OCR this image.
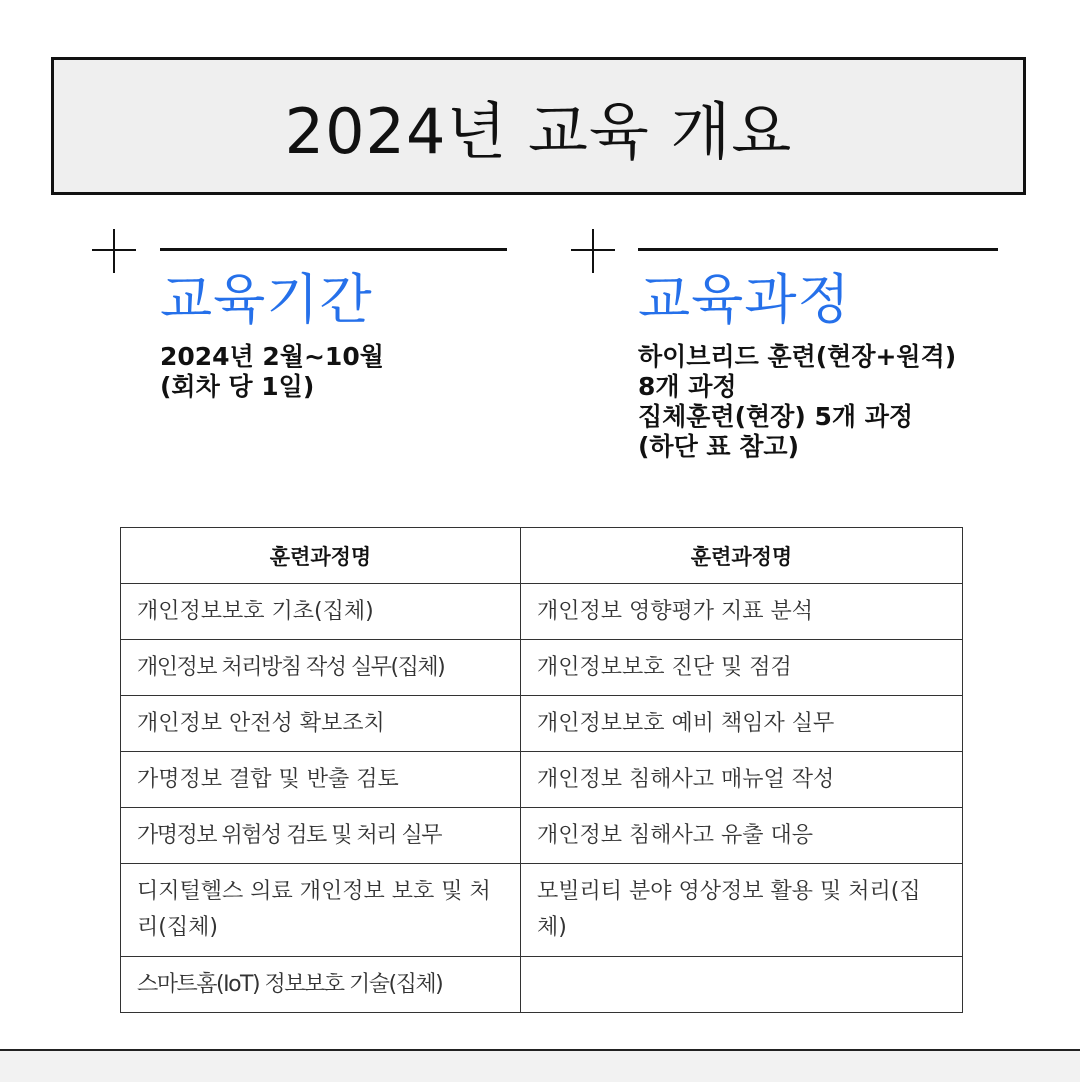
2024년 교육 개요
교육기간
2024년 2월~10월
(회차 당 1일)
교육과정
하이브리드 훈련(현장+원격)
8개 과정
집체훈련(현장) 5개 과정
(하단 표 참고)
훈련과정명	훈련과정명
개인정보보호 기초(집체)	개인정보 영향평가 지표 분석
개인정보 처리방침 작성 실무(집체)	개인정보보호 진단 및 점검
개인정보 안전성 확보조치	개인정보보호 예비 책임자 실무
가명정보 결합 및 반출 검토	개인정보 침해사고 매뉴얼 작성
가명정보 위험성 검토 및 처리 실무	개인정보 침해사고 유출 대응
디지털헬스 의료 개인정보 보호 및 처리(집체)	모빌리티 분야 영상정보 활용 및 처리(집체)
스마트홈(IoT) 정보보호 기술(집체)	
